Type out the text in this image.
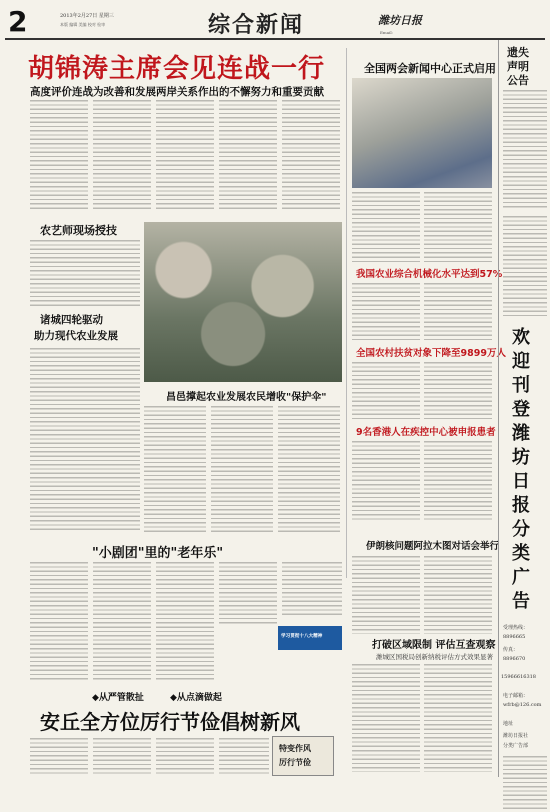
2	2013年2月27日 星期三
本版 编辑 美编 校对 检审	综合新闻	潍坊日报
Email:
胡锦涛主席会见连战一行
高度评价连战为改善和发展两岸关系作出的不懈努力和重要贡献
全国两会新闻中心正式启用
我国农业综合机械化水平达到57%
全国农村扶贫对象下降至9899万人
9名香港人在疾控中心被申报患者
伊朗核问题阿拉木图对话会举行
打破区域限制 评估互查观察
潍城区国税局创新纳税评估方式效果显著
农艺师现场授技
诸城四轮驱动
助力现代农业发展
昌邑撑起农业发展农民增收"保护伞"
"小剧团"里的"老年乐"
学习贯彻十八大精神
◆从严管散扯	◆从点滴做起
安丘全方位厉行节俭倡树新风
特变作风
厉行节俭
遗失
声明
公告
欢迎刊登潍坊日报分类广告
受理热线：
8896665
传真：
8896670
15966616318
电子邮箱：
wfrb@126.com
地址
潍坊日报社
分类广告部
